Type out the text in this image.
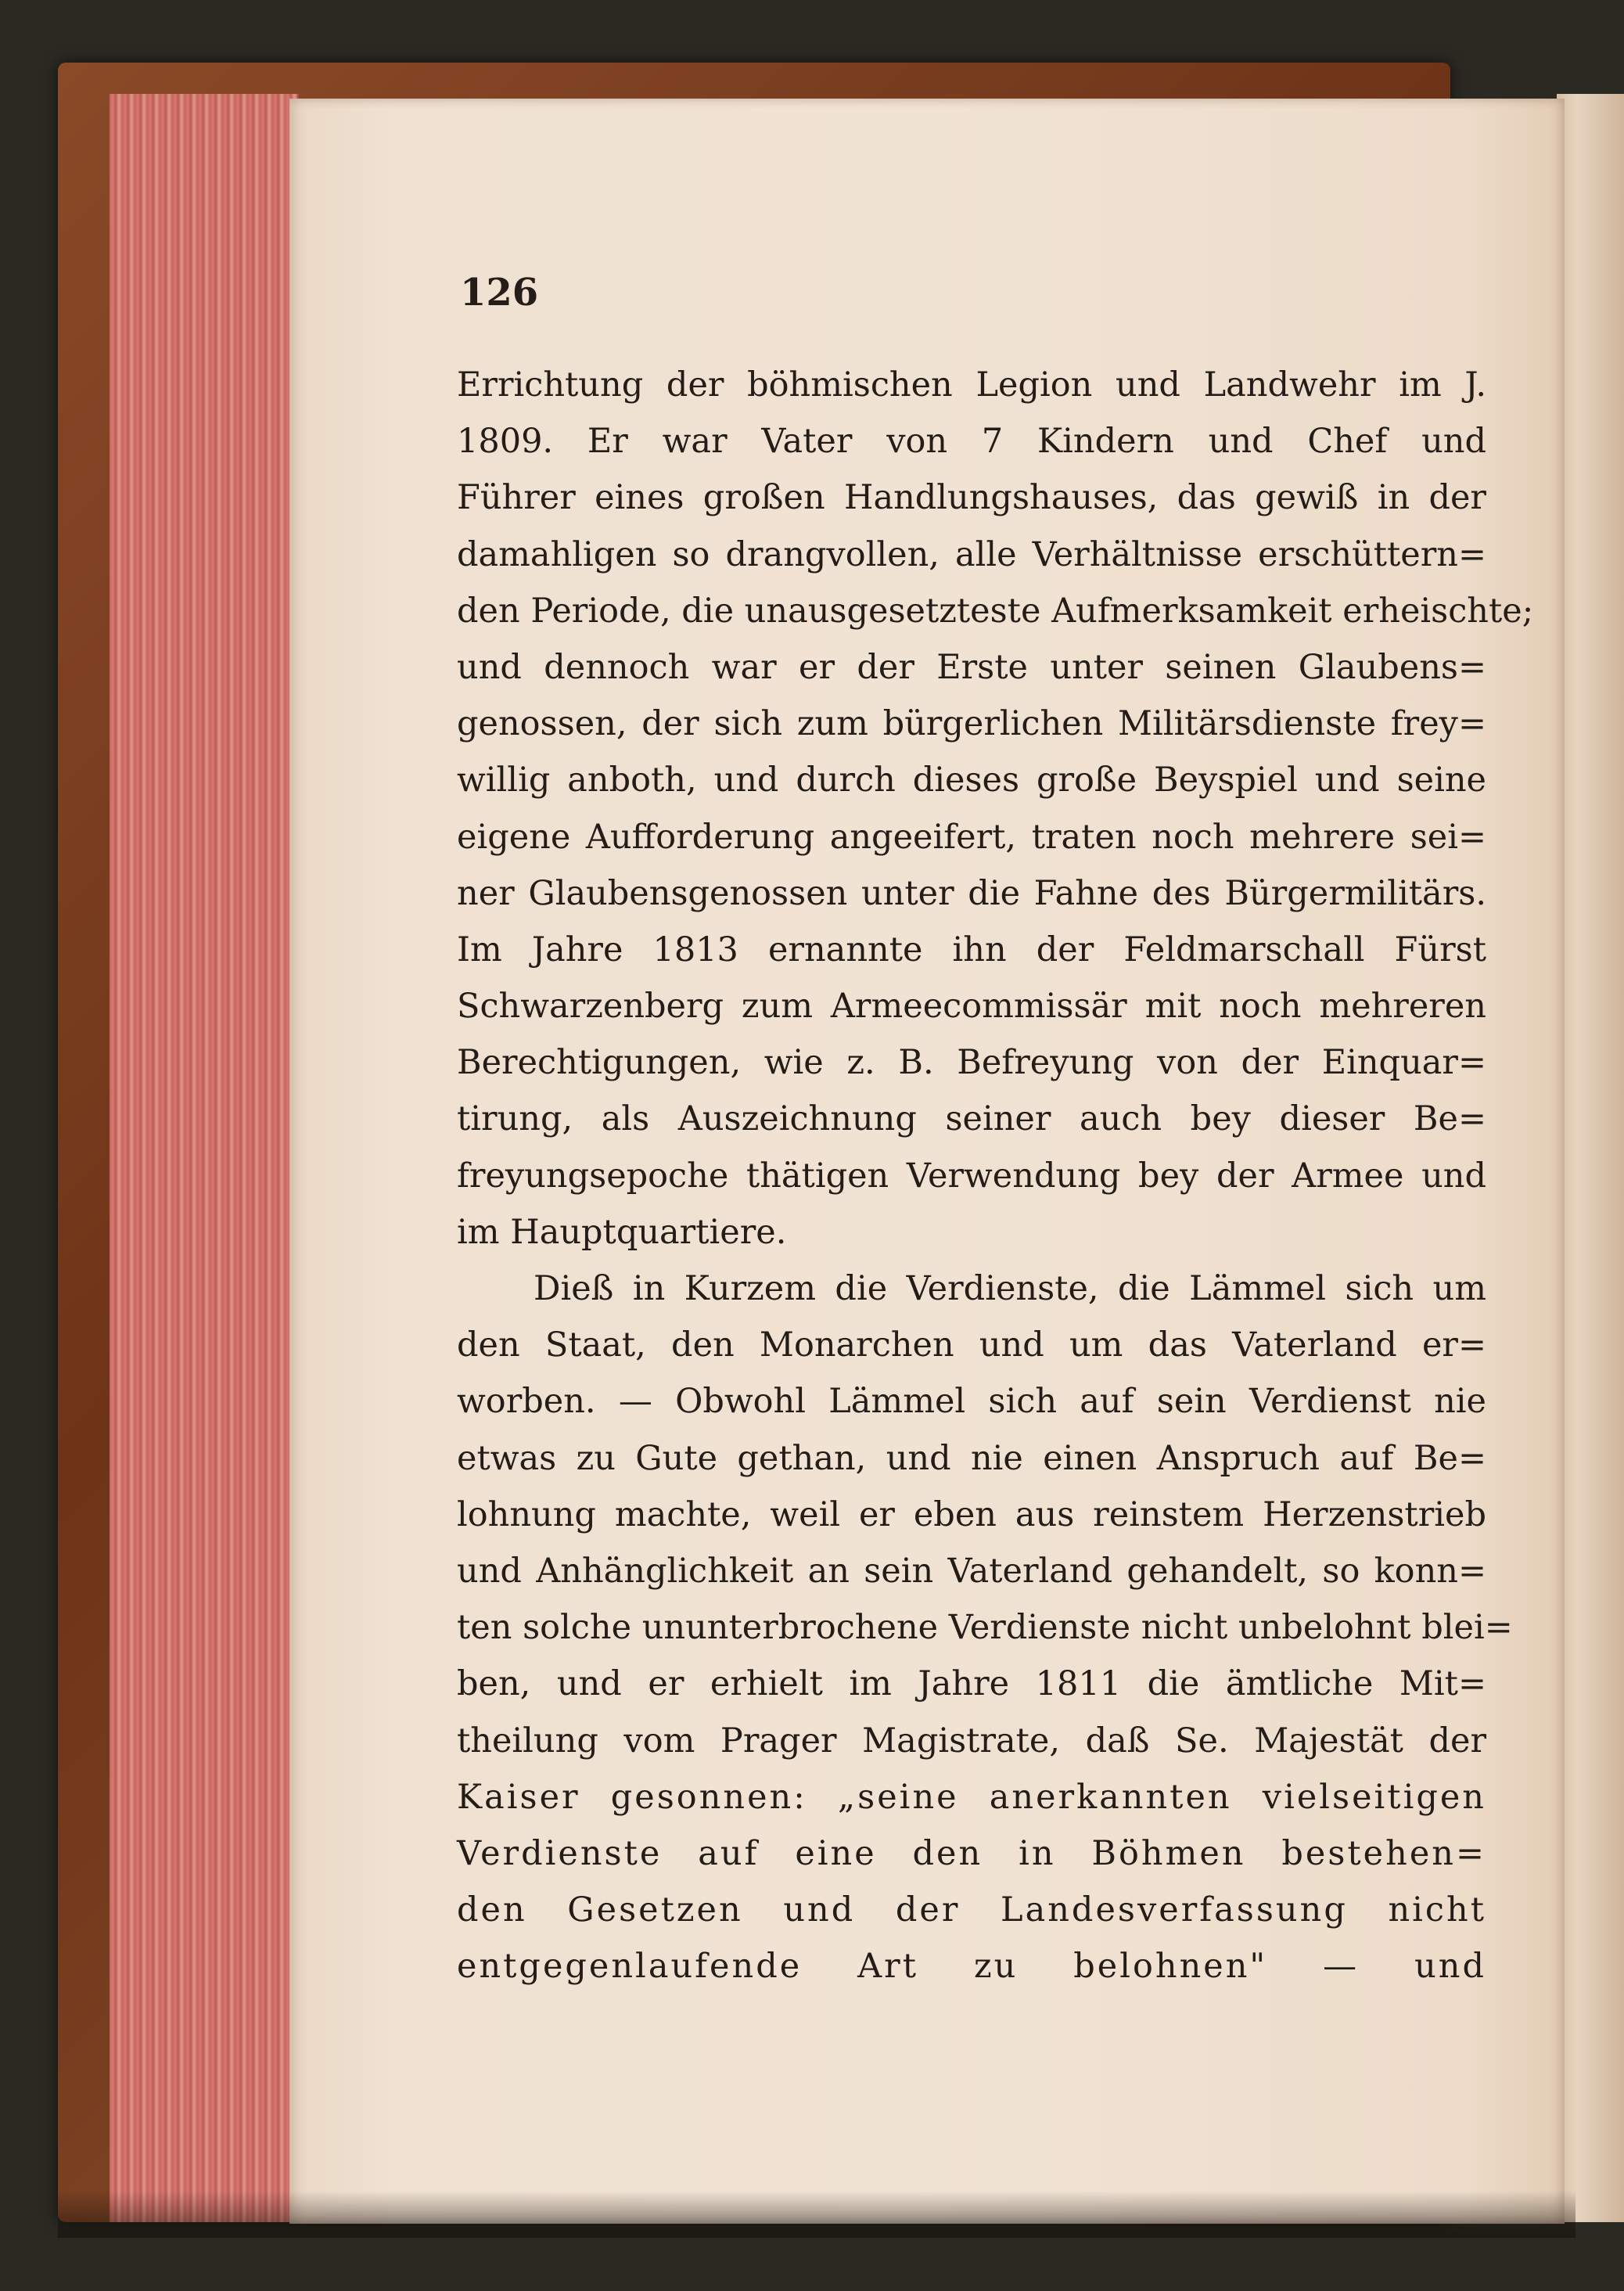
126
Errichtung der böhmischen Legion und Landwehr im J.
1809. Er war Vater von 7 Kindern und Chef und
Führer eines großen Handlungshauses, das gewiß in der
damahligen so drangvollen, alle Verhältnisse erschüttern=
den Periode, die unausgesetzteste Aufmerksamkeit erheischte;
und dennoch war er der Erste unter seinen Glaubens=
genossen, der sich zum bürgerlichen Militärsdienste frey=
willig anboth, und durch dieses große Beyspiel und seine
eigene Aufforderung angeeifert, traten noch mehrere sei=
ner Glaubensgenossen unter die Fahne des Bürgermilitärs.
Im Jahre 1813 ernannte ihn der Feldmarschall Fürst
Schwarzenberg zum Armeecommissär mit noch mehreren
Berechtigungen, wie z. B. Befreyung von der Einquar=
tirung, als Auszeichnung seiner auch bey dieser Be=
freyungsepoche thätigen Verwendung bey der Armee und
im Hauptquartiere.
Dieß in Kurzem die Verdienste, die Lämmel sich um
den Staat, den Monarchen und um das Vaterland er=
worben. — Obwohl Lämmel sich auf sein Verdienst nie
etwas zu Gute gethan, und nie einen Anspruch auf Be=
lohnung machte, weil er eben aus reinstem Herzenstrieb
und Anhänglichkeit an sein Vaterland gehandelt, so konn=
ten solche ununterbrochene Verdienste nicht unbelohnt blei=
ben, und er erhielt im Jahre 1811 die ämtliche Mit=
theilung vom Prager Magistrate, daß Se. Majestät der
Kaiser gesonnen: „seine anerkannten vielseitigen
Verdienste auf eine den in Böhmen bestehen=
den Gesetzen und der Landesverfassung nicht
entgegenlaufende Art zu belohnen" — und
